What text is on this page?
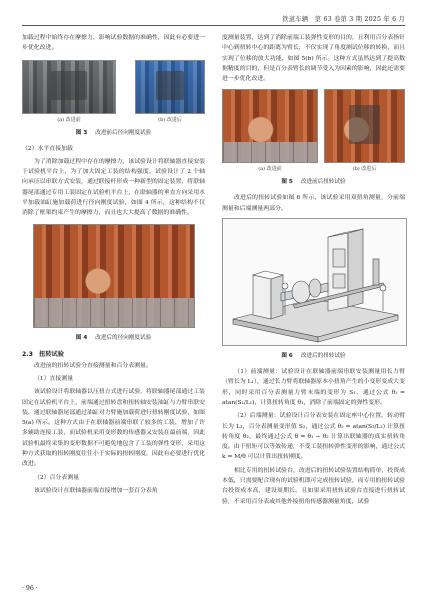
铁道车辆　 第 63 卷第 3 期 2025 年 6 月

加载过程中始终存在摩擦力，影响试验数据的准确性，因此有必要进一步优化改进。

(a) 改进前	(b) 改进后
图 3 改进前后径向刚度试验

（2）水平直接加载

为了消除加载过程中存在的摩擦力，该试验设计将联轴器直接安装于试验机平台上，为了加大固定工装的结构强度，试验设计了 2 个轴向承压以串联方式安装，通过联接杆形成一种新型的固定装置，将联轴器尾部通过专用工装固定在试验机平台上，在联轴器的垂直方向采用水平加载油缸施加载荷进行径向刚度试验，如图 4 所示，这种结构不仅消除了框架约束产生的摩擦力，而且也大大提高了数据的准确性。

图 4 改进后的径向刚度试验
2.3　扭转试验

改进前的扭转试验分直接测量和百分表测量。

（1）直接测量

该试验设计将联轴器以压扭方式进行试验，将联轴器尾部通过工装固定在试验机平台上，前端通过扭转盘和扭转轴安装油缸与力臂串联安装，通过联轴器尾部通过油缸对力臂施加载荷进行扭转刚度试验，如图 5(a) 所示。这种方式由于在联轴器前端串联了较多的工装，增加了许多辅助连接工装，而试验机采用变形数的传感器又安装在最前端，因此试验机最终采集的变形数据不可避免地包含了工装的弹性变形，采用这种方式获取的扭转刚度往往小于实际的扭转刚度，因此有必要进行优化改进。

（2）百分表测量

该试验设计在联轴器前端直接增加一套百分表角

度测量装置，达到了消除前端工装弹性变形的目的，且利用百分表指针中心到扭转中心的距离为臂长，不仅实现了角度测试位移的转换，而且实现了位移的放大功能，如图 5(b) 所示。这种方式虽然达到了提高数据精度的目的，但是百分表臂长的调节受入为因素的影响，因此还需要进一步优化改进。

(a) 改进前	(b) 改进后
图 5 改进前后扭转试验

改进后的扭转试验如图 6 所示，该试验采用双扭角测量，分前端测量和后端测量两部分。

图 6 改进后的扭转试验

（1）前端测量：试验设计在联轴器前端串联安装测量用长力臂（臂长为 L₁），通过长力臂将联轴器原本小扭角产生的小变形变成大变形，同时采用百分表测量力臂末端的变形为 S₁，通过公式 θ₁ = atan(S₁/L₁)，计算扭转角度 θ₁，消除了前端固定的弹性变形。

（2）后端测量：试验设计百分表安装在固定座中心位置，转动臂长为 L₂，百分表测量变形值 S₂，通过公式 θ₂ = atan(S₂/L₂) 计算扭转角度 θ₂，最终通过公式 θ = θ₁ − θ₂ 计算出联轴器的真实扭转角度。由于扭矩可以等效传递，不受工装扭转弹性变形的影响，通过公式 k = M/θ 可以计算出扭转刚度。

相比专用的扭转试验台，改进后的扭转试验装置结构简单，投资成本低，只需要配合现有的试验机即可完成扭转试验，而专用的扭转试验台投资成本高，建设周期长。且如果采用扭转试验台直接进行扭转试验，不采用百分表或其他外接扭角传感器测量角度，试验

· 96 ·
